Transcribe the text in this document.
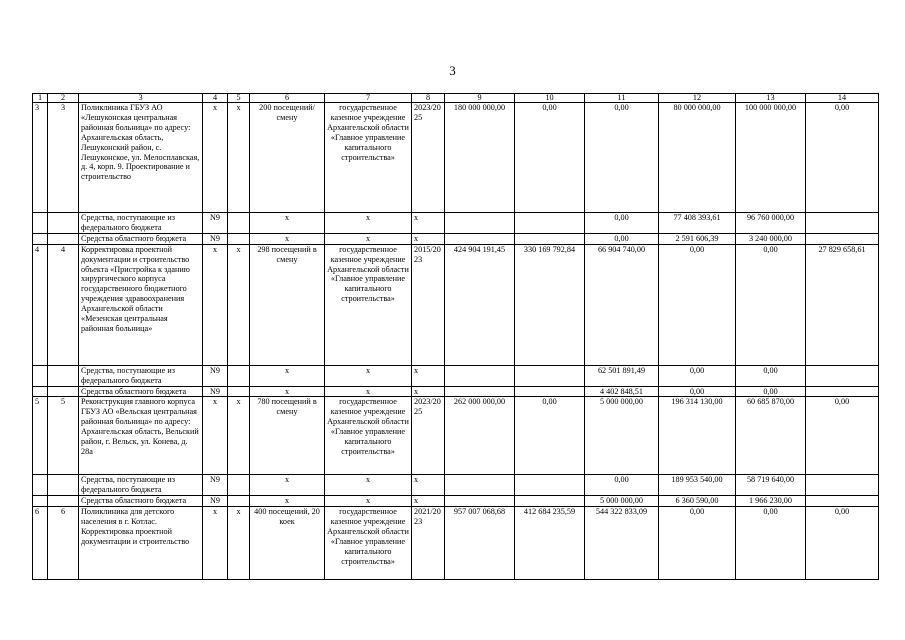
3
1	2	3	4	5	6	7	8	9	10	11	12	13	14
3	3	Поликлиника ГБУЗ АО «Лешуконская центральная районная больница» по адресу: Архангельская область, Лешуконский район, с. Лешуконское, ул. Мелосплавская, д. 4, корп. 9. Проектирование и строительство	х	х	200 посещений/ смену	государственное казенное учреждение Архангельской области «Главное управление капитального строительства»	2023/2025	180 000 000,00	0,00	0,00	80 000 000,00	100 000 000,00	0,00
		Средства, поступающие из федерального бюджета	N9		х	х	х			0,00	77 408 393,61	96 760 000,00	
		Средства областного бюджета	N9		х	х	х			0,00	2 591 606,39	3 240 000,00	
4	4	Корректировка проектной документации и строительство объекта «Пристройка к зданию хирургического корпуса государственного бюджетного учреждения здравоохранения Архангельской области «Мезенская центральная районная больница»	х	х	298 посещений в смену	государственное казенное учреждение Архангельской области «Главное управление капитального строительства»	2015/2023	424 904 191,45	330 169 792,84	66 904 740,00	0,00	0,00	27 829 658,61
		Средства, поступающие из федерального бюджета	N9		х	х	х			62 501 891,49	0,00	0,00	
		Средства областного бюджета	N9		х	х	х			4 402 848,51	0,00	0,00	
5	5	Реконструкция главного корпуса ГБУЗ АО «Вельская центральная районная больница» по адресу: Архангельская область, Вельский район, г. Вельск, ул. Конева, д. 28а	х	х	780 посещений в смену	государственное казенное учреждение Архангельской области «Главное управление капитального строительства»	2023/2025	262 000 000,00	0,00	5 000 000,00	196 314 130,00	60 685 870,00	0,00
		Средства, поступающие из федерального бюджета	N9		х	х	х			0,00	189 953 540,00	58 719 640,00	
		Средства областного бюджета	N9		х	х	х			5 000 000,00	6 360 590,00	1 966 230,00	
6	6	Поликлиника для детского населения в г. Котлас. Корректировка проектной документации и строительство	х	х	400 посещений, 20 коек	государственное казенное учреждение Архангельской области «Главное управление капитального строительства»	2021/2023	957 007 068,68	412 684 235,59	544 322 833,09	0,00	0,00	0,00
